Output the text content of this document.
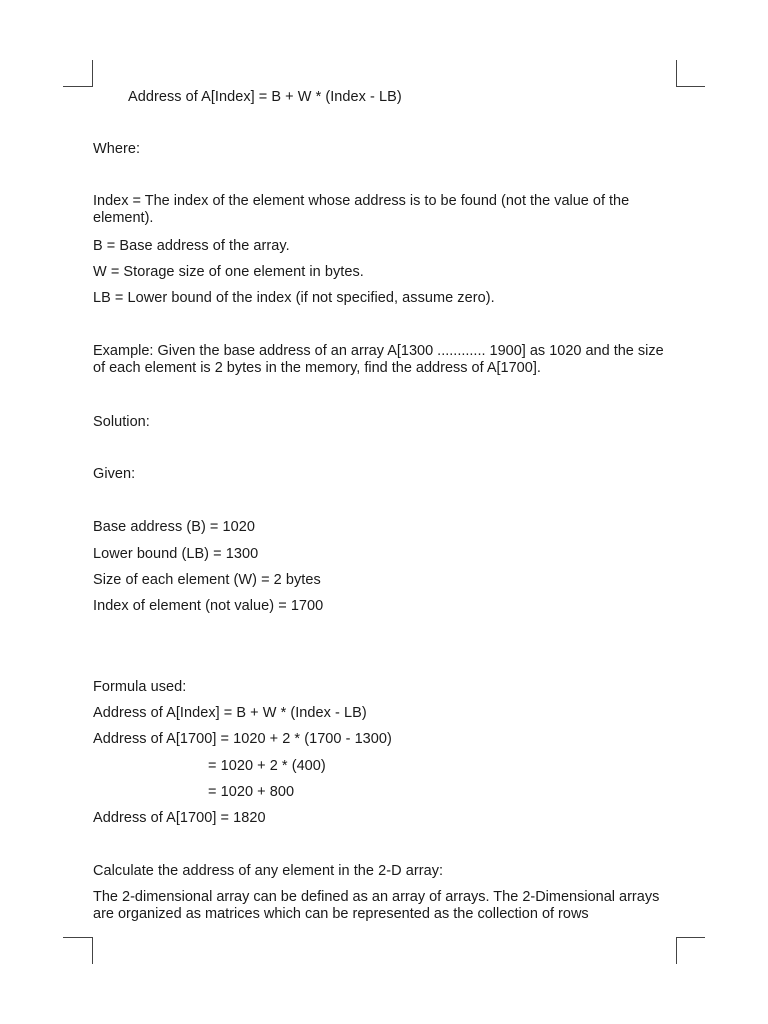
Address of A[Index] = B + W * (Index - LB)
Where:
Index = The index of the element whose address is to be found (not the value of the element).
B = Base address of the array.
W = Storage size of one element in bytes.
LB = Lower bound of the index (if not specified, assume zero).
Example: Given the base address of an array A[1300 ............ 1900] as 1020 and the size of each element is 2 bytes in the memory, find the address of A[1700].
Solution:
Given:
Base address (B) = 1020
Lower bound (LB) = 1300
Size of each element (W) = 2 bytes
Index of element (not value) = 1700
Formula used:
Address of A[Index] = B + W * (Index - LB)
Address of A[1700] = 1020 + 2 * (1700 - 1300)
= 1020 + 2 * (400)
= 1020 + 800
Address of A[1700] = 1820
Calculate the address of any element in the 2-D array:
The 2-dimensional array can be defined as an array of arrays. The 2-Dimensional arrays are organized as matrices which can be represented as the collection of rows
